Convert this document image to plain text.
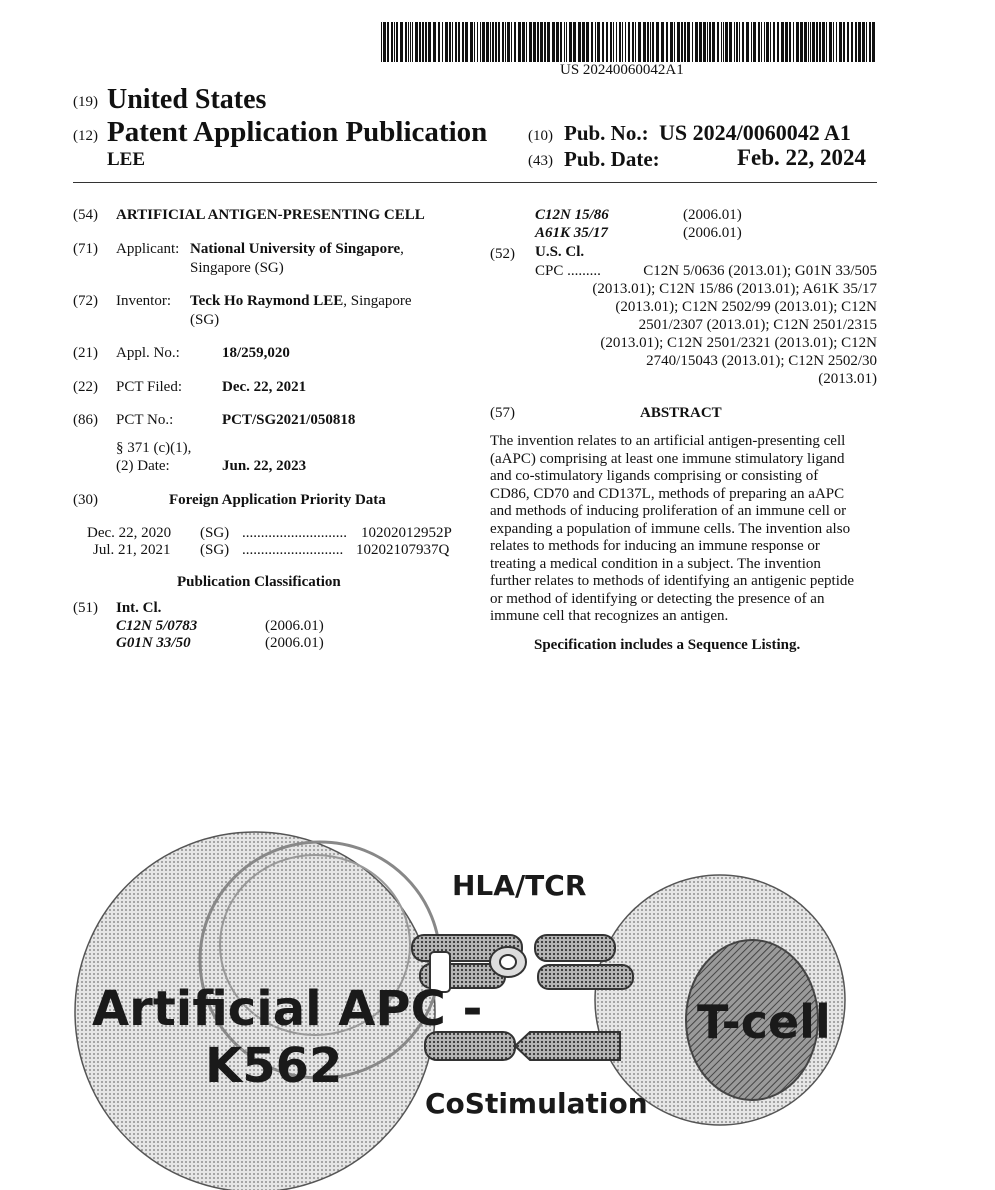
US 20240060042A1
(19) United States
(12) Patent Application Publication
LEE
(10) Pub. No.: US 2024/0060042 A1
(43) Pub. Date:	Feb. 22, 2024
(54) ARTIFICIAL ANTIGEN-PRESENTING CELL
(71) Applicant: National University of Singapore,
Singapore (SG)
(72) Inventor: Teck Ho Raymond LEE, Singapore
(SG)
(21) Appl. No.:	18/259,020
(22) PCT Filed:	Dec. 22, 2021
(86) PCT No.:	PCT/SG2021/050818
§ 371 (c)(1),
(2) Date:	Jun. 22, 2023
(30)	Foreign Application Priority Data
Dec. 22, 2020 (SG) ............................ 10202012952P
Jul. 21, 2021 (SG) ........................... 10202107937Q
Publication Classification
(51) Int. Cl.
C12N 5/0783	(2006.01)
G01N 33/50	(2006.01)
C12N 15/86	(2006.01)
A61K 35/17	(2006.01)
(52) U.S. Cl.
CPC .........	C12N 5/0636 (2013.01); G01N 33/505
(2013.01); C12N 15/86 (2013.01); A61K 35/17
(2013.01); C12N 2502/99 (2013.01); C12N
2501/2307 (2013.01); C12N 2501/2315
(2013.01); C12N 2501/2321 (2013.01); C12N
2740/15043 (2013.01); C12N 2502/30
(2013.01)
(57)	ABSTRACT
The invention relates to an artificial antigen-presenting cell
(aAPC) comprising at least one immune stimulatory ligand
and co-stimulatory ligands comprising or consisting of
CD86, CD70 and CD137L, methods of preparing an aAPC
and methods of inducing proliferation of an immune cell or
expanding a population of immune cells. The invention also
relates to methods for inducing an immune response or
treating a medical condition in a subject. The invention
further relates to methods of identifying an antigenic peptide
or method of identifying or detecting the presence of an
immune cell that recognizes an antigen.
Specification includes a Sequence Listing.
HLA/TCR
Artificial APC -
K562
T-cell
CoStimulation
